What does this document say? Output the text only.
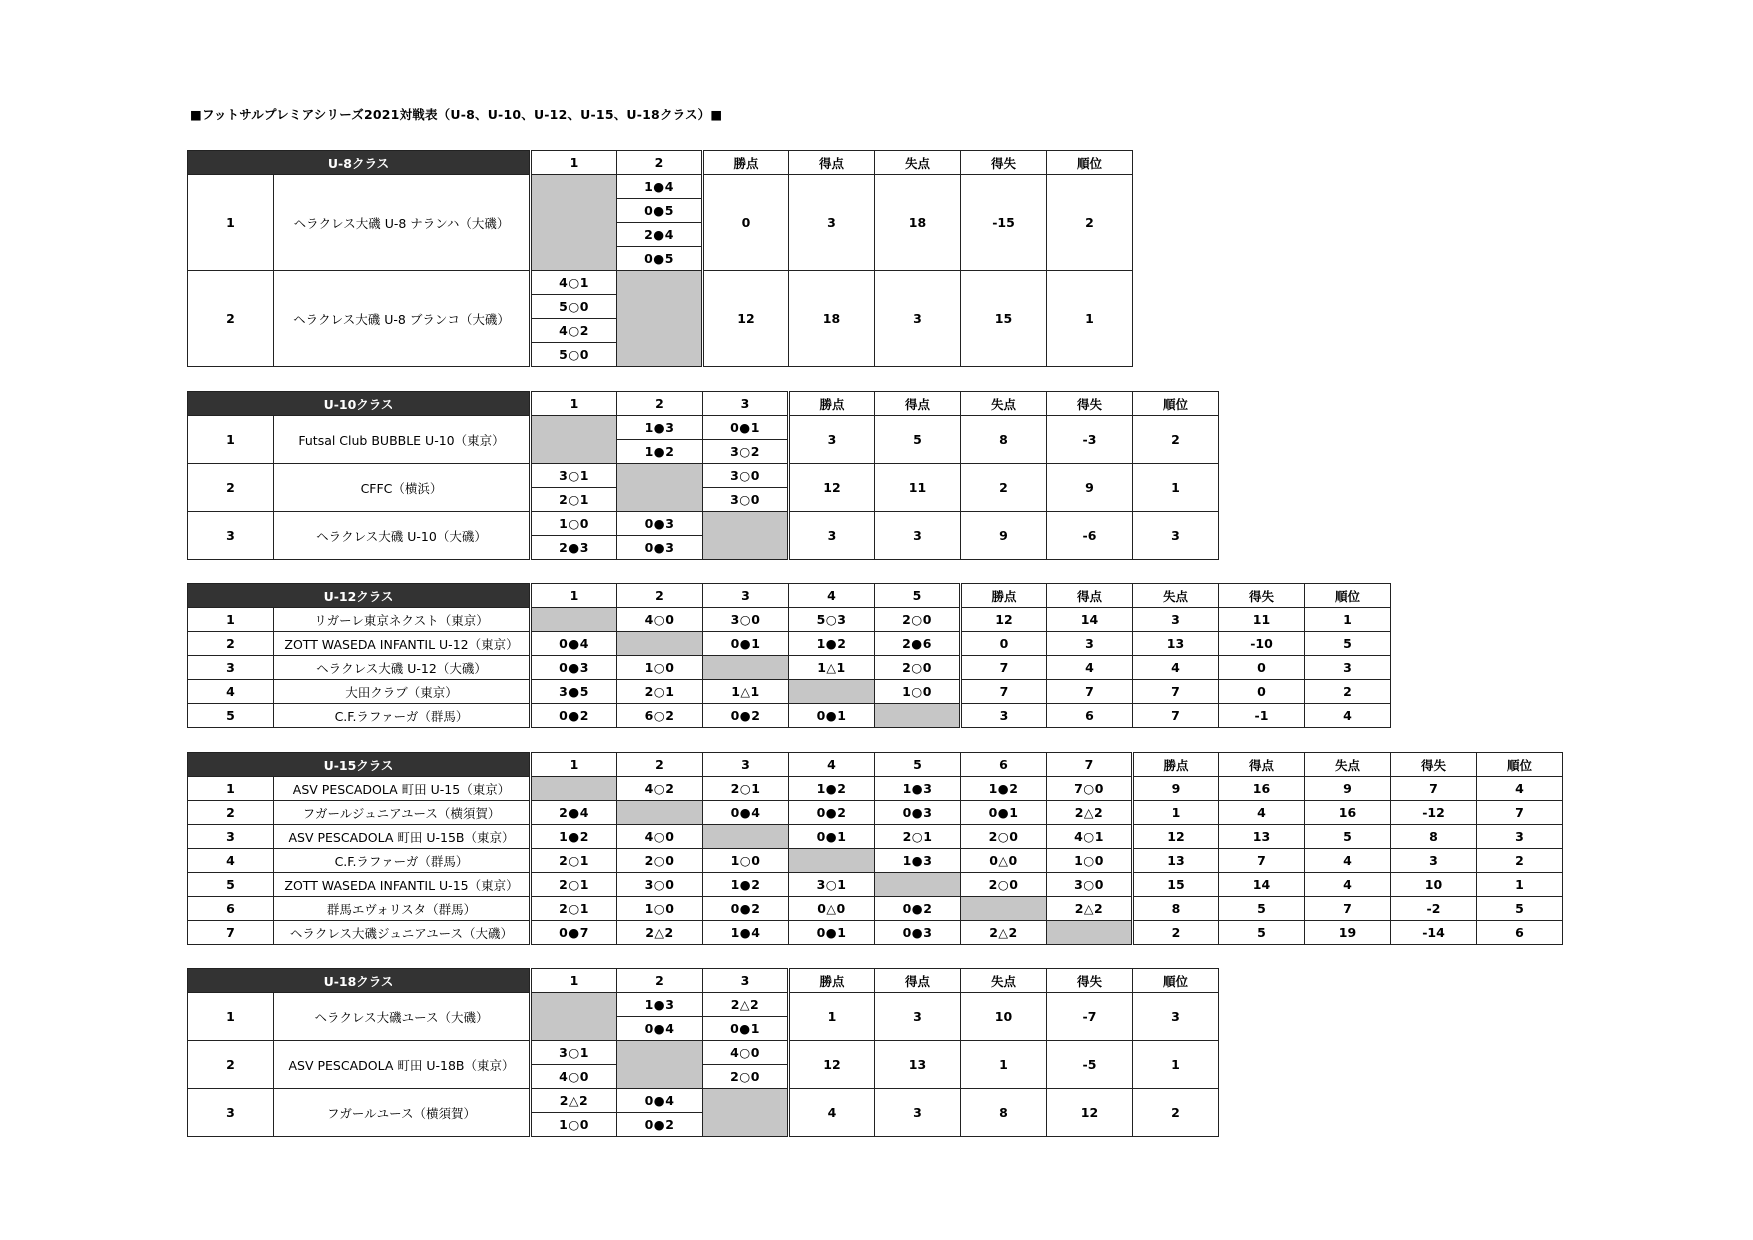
■フットサルプレミアシリーズ2021対戦表（U-8、U-10、U-12、U-15、U-18クラス）■
U-8クラス		1	2	勝点	得点	失点	得失	順位
1	ヘラクレス大磯 U-8 ナランハ（大磯）		1●4	0	3	18	-15	2
			0●5					
			2●4					
			0●5					
2	ヘラクレス大磯 U-8 ブランコ（大磯）	4○1		12	18	3	15	1
		5○0						
		4○2						
		5○0						
U-10クラス		1	2	3	勝点	得点	失点	得失	順位
1	Futsal Club BUBBLE U-10（東京）		1●3	0●1	3	5	8	-3	2
			1●2	3○2					
2	CFFC（横浜）	3○1		3○0	12	11	2	9	1
		2○1		3○0					
3	ヘラクレス大磯 U-10（大磯）	1○0	0●3		3	3	9	-6	3
		2●3	0●3						
U-12クラス		1	2	3	4	5	勝点	得点	失点	得失	順位
1	リガーレ東京ネクスト（東京）		4○0	3○0	5○3	2○0	12	14	3	11	1
2	ZOTT WASEDA INFANTIL U-12（東京）	0●4		0●1	1●2	2●6	0	3	13	-10	5
3	ヘラクレス大磯 U-12（大磯）	0●3	1○0		1△1	2○0	7	4	4	0	3
4	大田クラブ（東京）	3●5	2○1	1△1		1○0	7	7	7	0	2
5	C.F.ラファーガ（群馬）	0●2	6○2	0●2	0●1		3	6	7	-1	4
U-15クラス		1	2	3	4	5	6	7	勝点	得点	失点	得失	順位
1	ASV PESCADOLA 町田 U-15（東京）		4○2	2○1	1●2	1●3	1●2	7○0	9	16	9	7	4
2	フガールジュニアユース（横須賀）	2●4		0●4	0●2	0●3	0●1	2△2	1	4	16	-12	7
3	ASV PESCADOLA 町田 U-15B（東京）	1●2	4○0		0●1	2○1	2○0	4○1	12	13	5	8	3
4	C.F.ラファーガ（群馬）	2○1	2○0	1○0		1●3	0△0	1○0	13	7	4	3	2
5	ZOTT WASEDA INFANTIL U-15（東京）	2○1	3○0	1●2	3○1		2○0	3○0	15	14	4	10	1
6	群馬エヴォリスタ（群馬）	2○1	1○0	0●2	0△0	0●2		2△2	8	5	7	-2	5
7	ヘラクレス大磯ジュニアユース（大磯）	0●7	2△2	1●4	0●1	0●3	2△2		2	5	19	-14	6
U-18クラス		1	2	3	勝点	得点	失点	得失	順位
1	ヘラクレス大磯ユース（大磯）		1●3	2△2	1	3	10	-7	3
			0●4	0●1					
2	ASV PESCADOLA 町田 U-18B（東京）	3○1		4○0	12	13	1	-5	1
		4○0		2○0					
3	フガールユース（横須賀）	2△2	0●4		4	3	8	12	2
		1○0	0●2						
